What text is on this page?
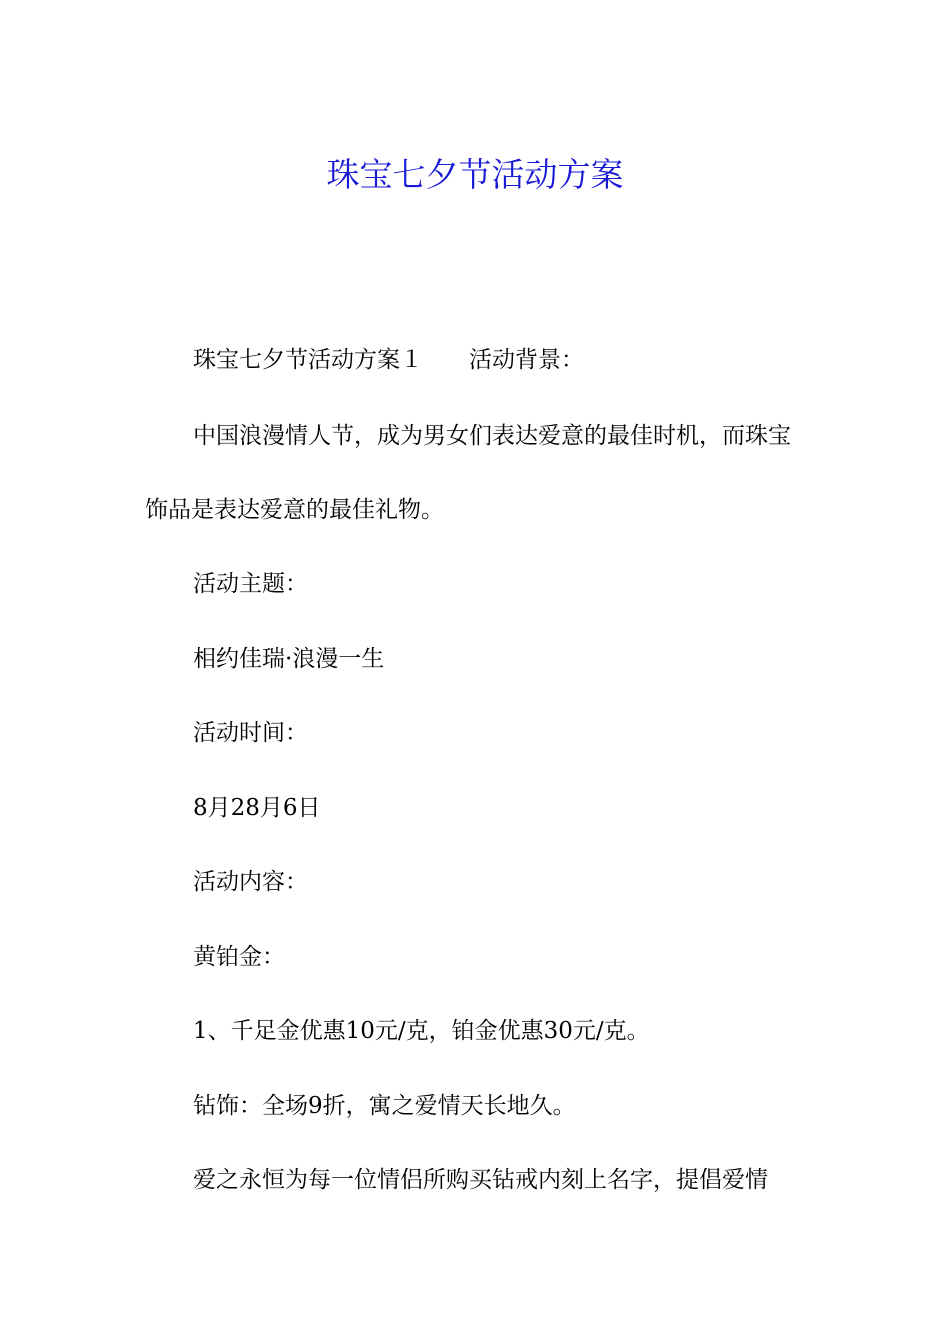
珠宝七夕节活动方案

珠宝七夕节活动方案１ 活动背景：

中国浪漫情人节，成为男女们表达爱意的最佳时机，而珠宝饰品是表达爱意的最佳礼物。

活动主题：

相约佳瑞·浪漫一生

活动时间：

8月28月6日

活动内容：

黄铂金：

1、千足金优惠10元/克，铂金优惠30元/克。

钻饰：全场9折，寓之爱情天长地久。

爱之永恒为每一位情侣所购买钻戒内刻上名字，提倡爱情
